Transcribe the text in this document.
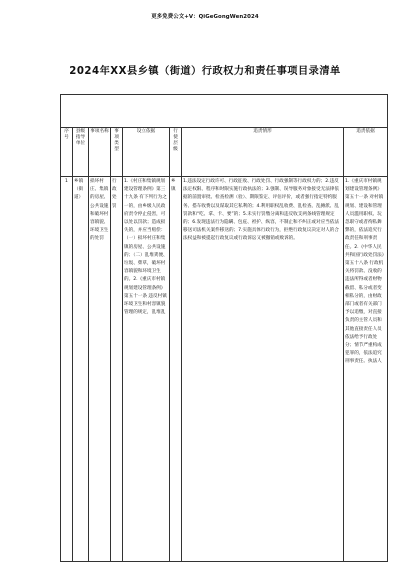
更多免费公文+V：QiGeGongWen2024
2024年XX县乡镇（街道）行政权力和责任事项目录清单

序号	县级指导单位	事项名称	事项类型	设立依据	行使层级	追责情形	追责依据
1	乡镇（街道）	损坏村庄、集镇的房屋、公共设施和破坏村容镇貌、环境卫生的处罚	行政处罚	1.《村庄和集镇规划建设管理条例》第三十九条 有下列行为之一的，由乡级人民政府责令停止侵害，可以处以罚款；造成损失的，并应当赔偿：（一）损坏村庄和集镇的房屋、公共设施的；（二）乱堆粪便、垃圾、柴草，破坏村容镇貌和环境卫生的。2.《重庆市村镇规划建设管理条例》第五十一条 违反村镇环境卫生和村容镇貌管理的规定，乱堆乱	乡镇	1.违法设定行政许可、行政征收、行政处罚、行政强制等行政权力的；2.违反法定权限、程序和时限实施行政执法的；3.强制、误导服务对象接受无法律依据的前置审批、检查检测（验）、期限鉴定、评估评价，或者强行指定特约服务、搭车收费以及谋取其它私利的；4.利用职权乱收费、乱检查、乱摊派、乱罚款和“吃、拿、卡、要”的；5.未实行罚缴分离和违反收支两条线管理规定的；6.发现违法行为隐瞒、包庇、袒护、纵容，不制止和不纠正或对应当依法移送司法机关案件移送的；7.实施具体行政行为，拒绝行政复议决定对人的合法权益和被提起行政复议或行政诉讼又被撤销或败诉的。	1.《重庆市村镇规划建设管理条例》第五十一条 对村镇规划、建设和管理人员滥用职权、玩忽职守或者徇私舞弊的，依法追究行政责任和刑事责任。2.《中华人民共和国行政处罚法》第五十八条 行政机关将罚款、没收的违法所得或者财物截留、私分或者变相私分的，由财政部门或者有关部门予以追缴，对直接负责的主管人员和其他直接责任人员依法给予行政处分；情节严重构成犯罪的，依法追究刑事责任。执法人
